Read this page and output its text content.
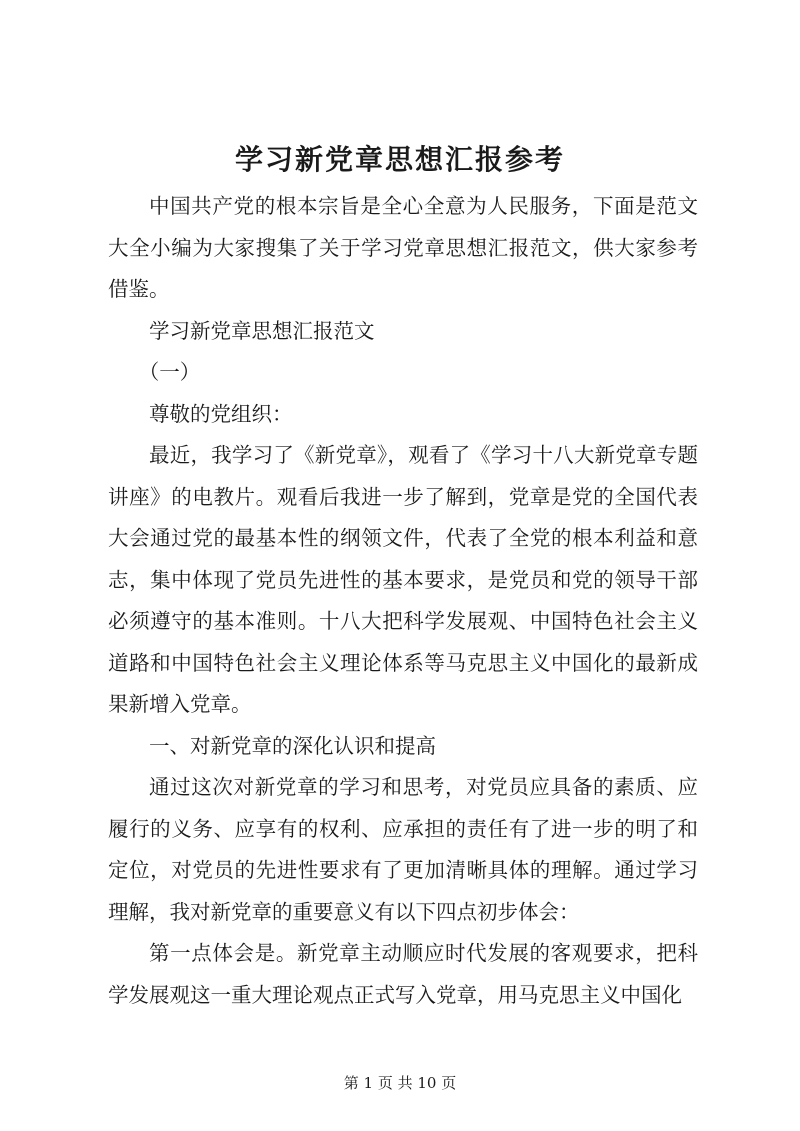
学习新党章思想汇报参考

中国共产党的根本宗旨是全心全意为人民服务，下面是范文大全小编为大家搜集了关于学习党章思想汇报范文，供大家参考借鉴。

学习新党章思想汇报范文

（一）

尊敬的党组织：

最近，我学习了《新党章》，观看了《学习十八大新党章专题讲座》的电教片。观看后我进一步了解到，党章是党的全国代表大会通过党的最基本性的纲领文件，代表了全党的根本利益和意志，集中体现了党员先进性的基本要求，是党员和党的领导干部必须遵守的基本准则。十八大把科学发展观、中国特色社会主义道路和中国特色社会主义理论体系等马克思主义中国化的最新成果新增入党章。

一、对新党章的深化认识和提高

通过这次对新党章的学习和思考，对党员应具备的素质、应履行的义务、应享有的权利、应承担的责任有了进一步的明了和定位，对党员的先进性要求有了更加清晰具体的理解。通过学习理解，我对新党章的重要意义有以下四点初步体会：

第一点体会是。新党章主动顺应时代发展的客观要求，把科学发展观这一重大理论观点正式写入党章，用马克思主义中国化

第 1 页 共 10 页
